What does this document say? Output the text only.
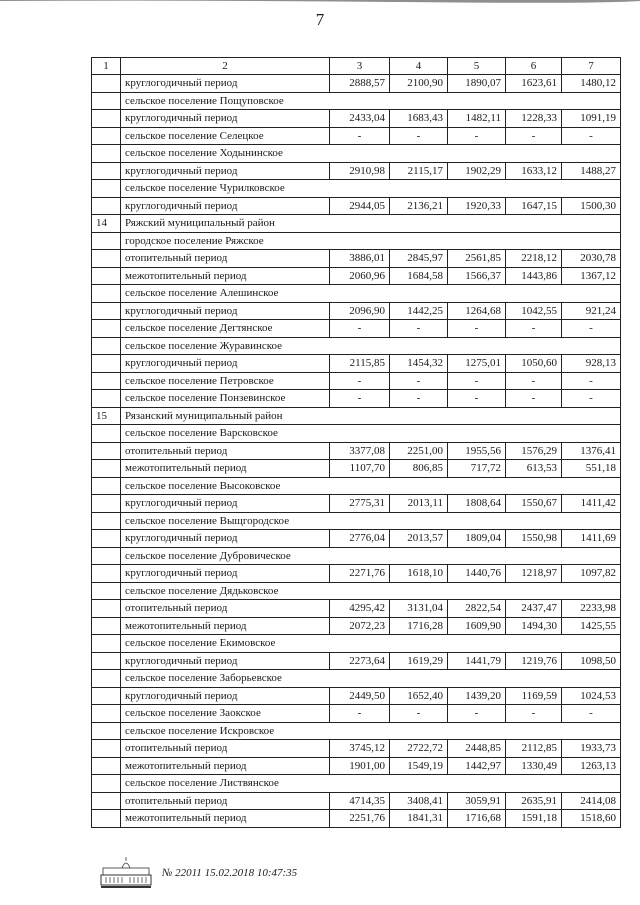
7
1	2	3	4	5	6	7
	круглогодичный период	2888,57	2100,90	1890,07	1623,61	1480,12
	сельское поселение Пощуповское					
	круглогодичный период	2433,04	1683,43	1482,11	1228,33	1091,19
	сельское поселение Селецкое	-	-	-	-	-
	сельское поселение Ходынинское					
	круглогодичный период	2910,98	2115,17	1902,29	1633,12	1488,27
	сельское поселение Чурилковское					
	круглогодичный период	2944,05	2136,21	1920,33	1647,15	1500,30
14	Ряжский муниципальный район					
	городское поселение Ряжское					
	отопительный период	3886,01	2845,97	2561,85	2218,12	2030,78
	межотопительный период	2060,96	1684,58	1566,37	1443,86	1367,12
	сельское поселение Алешинское					
	круглогодичный период	2096,90	1442,25	1264,68	1042,55	921,24
	сельское поселение Дегтянское	-	-	-	-	-
	сельское поселение Журавинское					
	круглогодичный период	2115,85	1454,32	1275,01	1050,60	928,13
	сельское поселение Петровское	-	-	-	-	-
	сельское поселение Понзевинское	-	-	-	-	-
15	Рязанский муниципальный район					
	сельское поселение Варсковское					
	отопительный период	3377,08	2251,00	1955,56	1576,29	1376,41
	межотопительный период	1107,70	806,85	717,72	613,53	551,18
	сельское поселение Высоковское					
	круглогодичный период	2775,31	2013,11	1808,64	1550,67	1411,42
	сельское поселение Выщгородское					
	круглогодичный период	2776,04	2013,57	1809,04	1550,98	1411,69
	сельское поселение Дубровичеcкое					
	круглогодичный период	2271,76	1618,10	1440,76	1218,97	1097,82
	сельское поселение Дядьковское					
	отопительный период	4295,42	3131,04	2822,54	2437,47	2233,98
	межотопительный период	2072,23	1716,28	1609,90	1494,30	1425,55
	сельское поселение Екимовское					
	круглогодичный период	2273,64	1619,29	1441,79	1219,76	1098,50
	сельское поселение Заборьевское					
	круглогодичный период	2449,50	1652,40	1439,20	1169,59	1024,53
	сельское поселение Заокское	-	-	-	-	-
	сельское поселение Искровское					
	отопительный период	3745,12	2722,72	2448,85	2112,85	1933,73
	межотопительный период	1901,00	1549,19	1442,97	1330,49	1263,13
	сельское поселение Листвянское					
	отопительный период	4714,35	3408,41	3059,91	2635,91	2414,08
	межотопительный период	2251,76	1841,31	1716,68	1591,18	1518,60
№ 22011 15.02.2018 10:47:35
